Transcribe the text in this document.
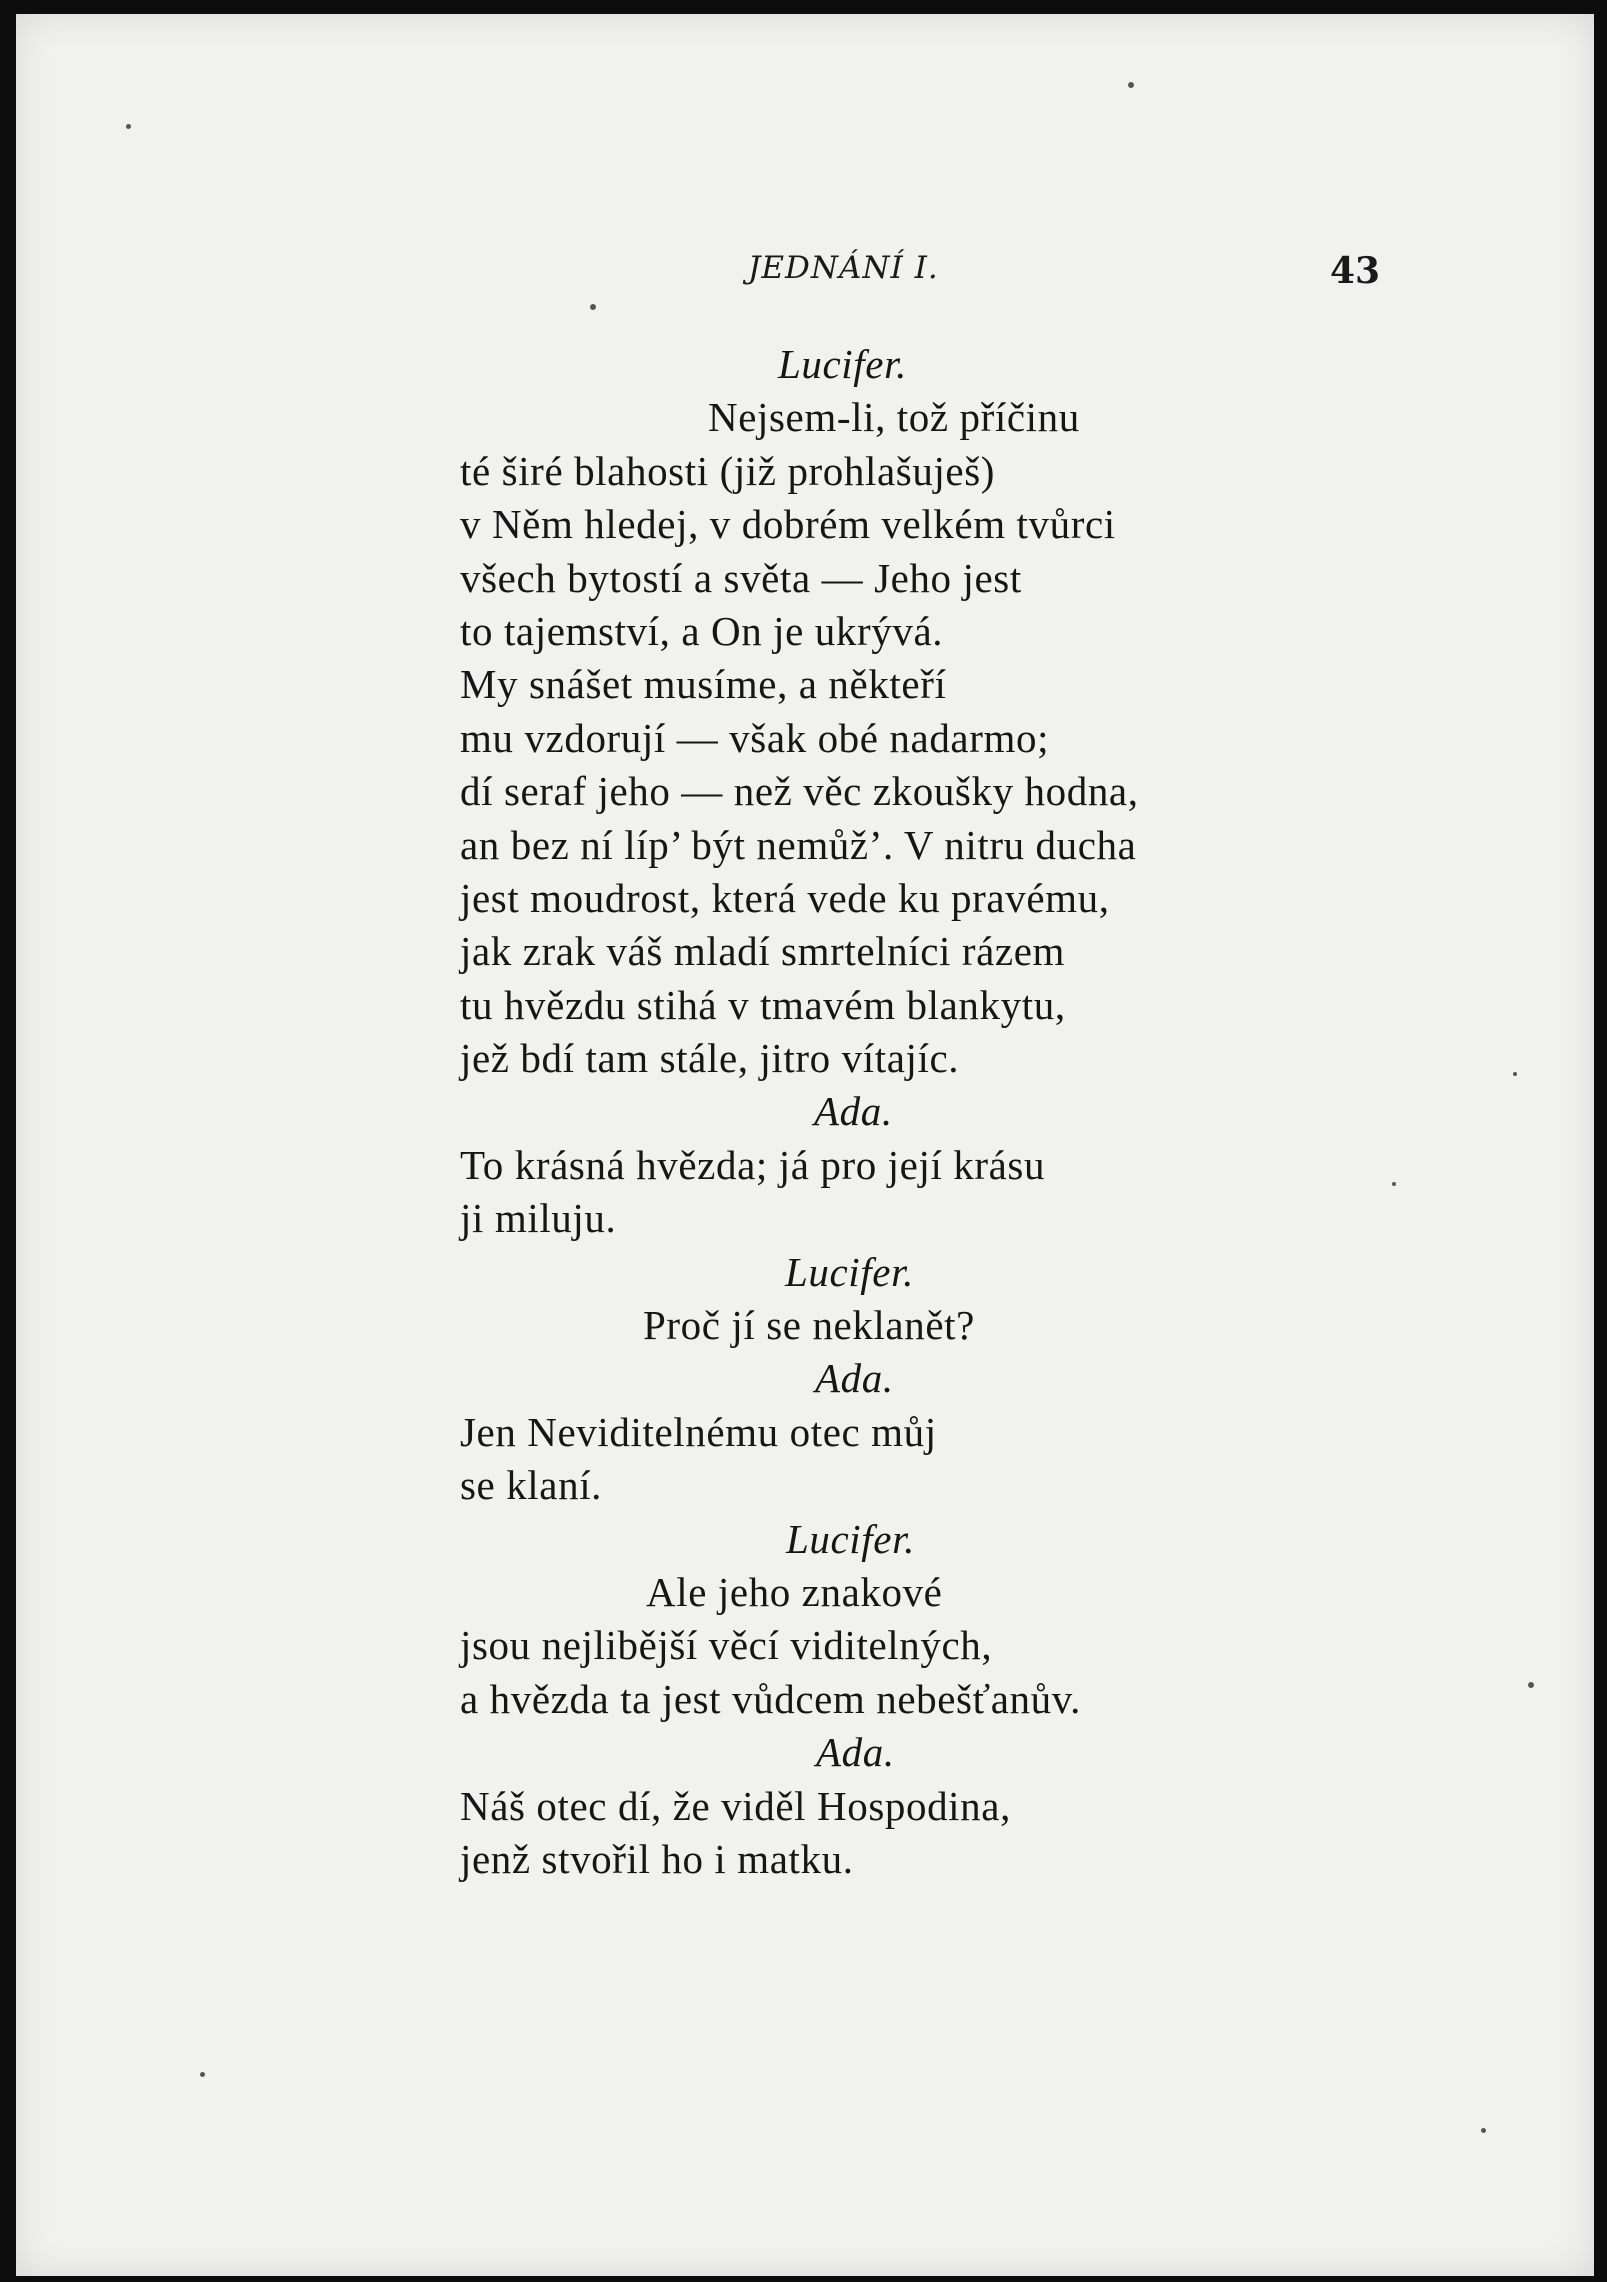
JEDNÁNÍ I.	43
Lucifer.
Nejsem-li, tož příčinu
té širé blahosti (již prohlašuješ)
v Něm hledej, v dobrém velkém tvůrci
všech bytostí a světa — Jeho jest
to tajemství, a On je ukrývá.
My snášet musíme, a někteří
mu vzdorují — však obé nadarmo;
dí seraf jeho — než věc zkoušky hodna,
an bez ní líp’ být nemůž’. V nitru ducha
jest moudrost, která vede ku pravému,
jak zrak váš mladí smrtelníci rázem
tu hvězdu stihá v tmavém blankytu,
jež bdí tam stále, jitro vítajíc.
Ada.
To krásná hvězda; já pro její krásu
ji miluju.
Lucifer.
Proč jí se neklanět?
Ada.
Jen Neviditelnému otec můj
se klaní.
Lucifer.
Ale jeho znakové
jsou nejlibější věcí viditelných,
a hvězda ta jest vůdcem nebešťanův.
Ada.
Náš otec dí, že viděl Hospodina,
jenž stvořil ho i matku.
